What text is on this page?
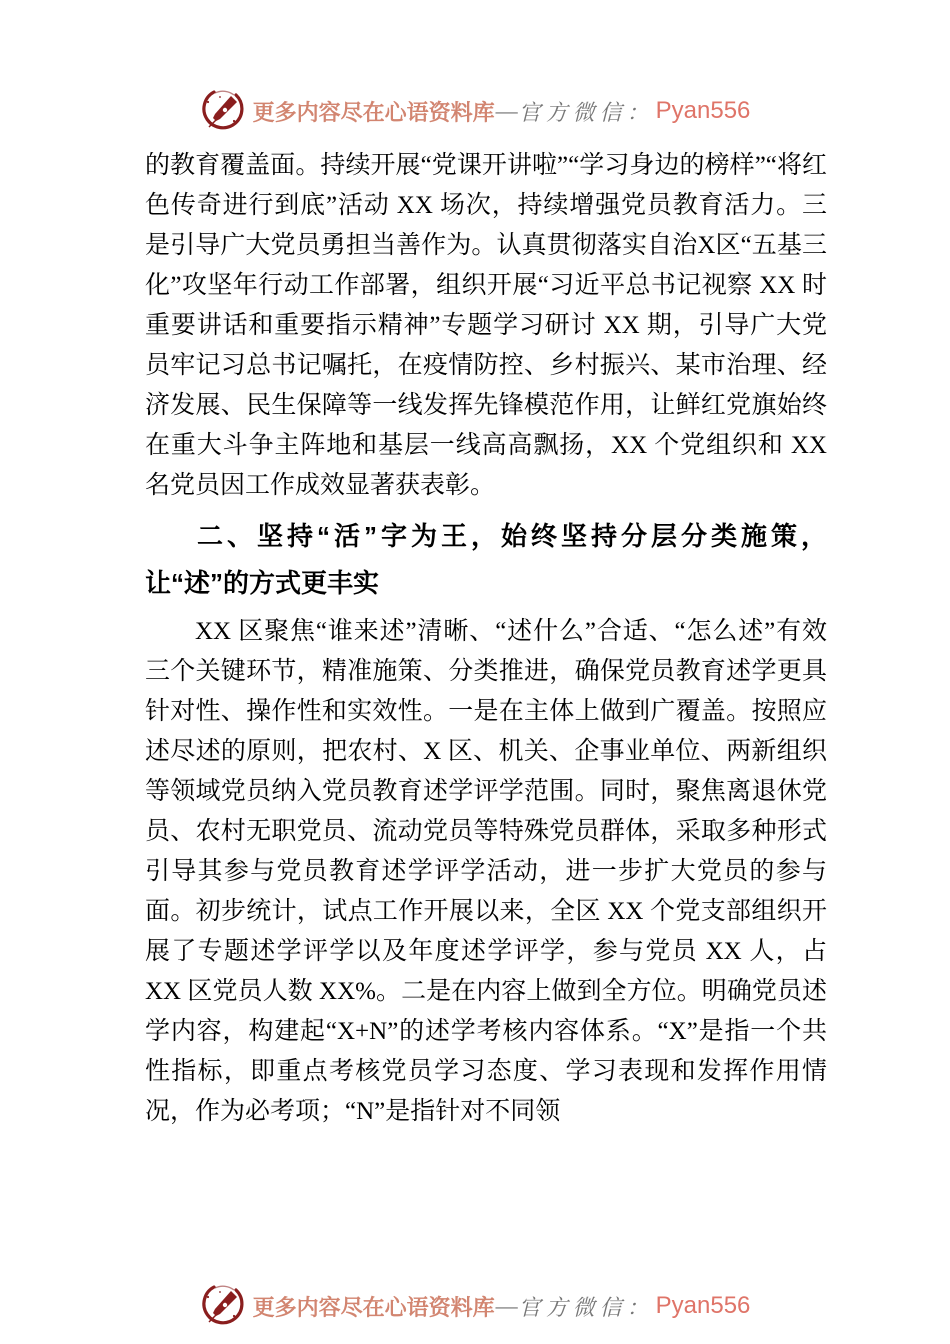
更多内容尽在心语资料库 — 官方微信： Pyan556

的教育覆盖面。持续开展“党课开讲啦”“学习身边的榜样”“将红色传奇进行到底”活动 XX 场次，持续增强党员教育活力。三是引导广大党员勇担当善作为。认真贯彻落实自治X区“五基三化”攻坚年行动工作部署，组织开展“习近平总书记视察 XX 时重要讲话和重要指示精神”专题学习研讨 XX 期，引导广大党员牢记习总书记嘱托，在疫情防控、乡村振兴、某市治理、经济发展、民生保障等一线发挥先锋模范作用，让鲜红党旗始终在重大斗争主阵地和基层一线高高飘扬，XX 个党组织和 XX 名党员因工作成效显著获表彰。

二、坚持“活”字为王，始终坚持分层分类施策，让“述”的方式更丰实

XX 区聚焦“谁来述”清晰、“述什么”合适、“怎么述”有效三个关键环节，精准施策、分类推进，确保党员教育述学更具针对性、操作性和实效性。一是在主体上做到广覆盖。按照应述尽述的原则，把农村、X 区、机关、企事业单位、两新组织等领域党员纳入党员教育述学评学范围。同时，聚焦离退休党员、农村无职党员、流动党员等特殊党员群体，采取多种形式引导其参与党员教育述学评学活动，进一步扩大党员的参与面。初步统计，试点工作开展以来，全区 XX 个党支部组织开展了专题述学评学以及年度述学评学，参与党员 XX 人，占 XX 区党员人数 XX%。二是在内容上做到全方位。明确党员述学内容，构建起“X+N”的述学考核内容体系。“X”是指一个共性指标，即重点考核党员学习态度、学习表现和发挥作用情况，作为必考项；“N”是指针对不同领

更多内容尽在心语资料库 — 官方微信： Pyan556
